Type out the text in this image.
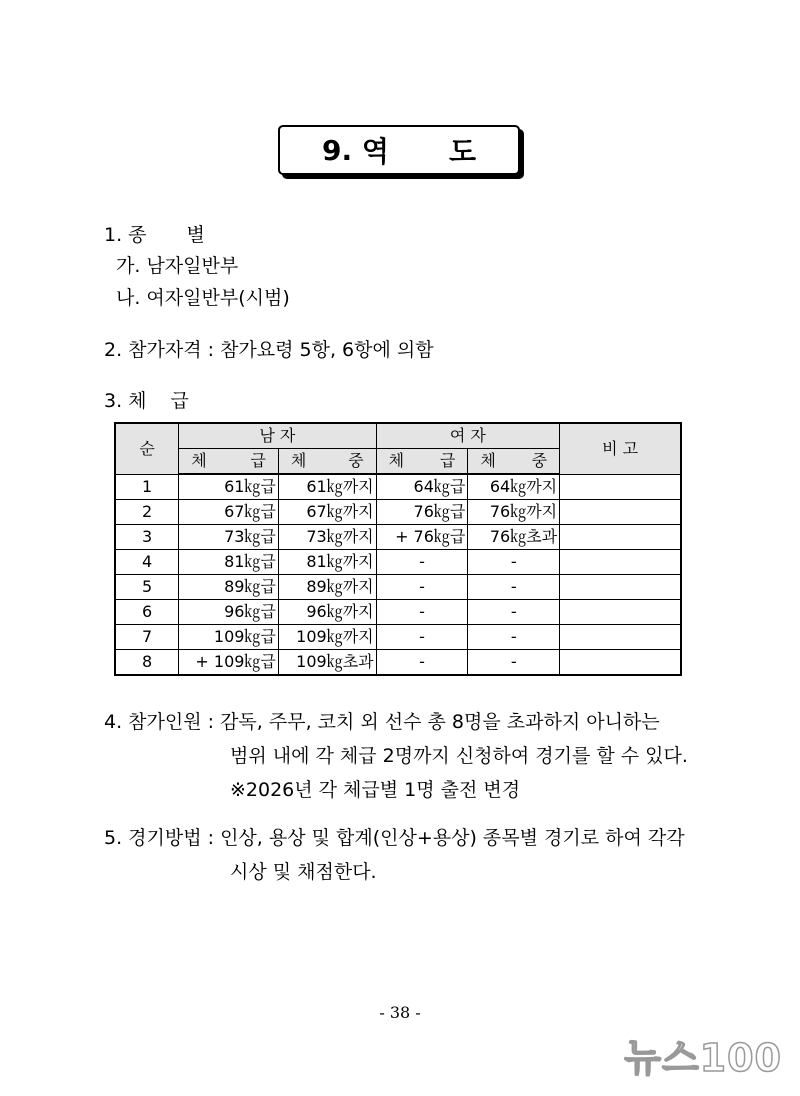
9.
역 도
1. 종 별
가. 남자일반부
나. 여자일반부(시범)
2. 참가자격 : 참가요령 5항, 6항에 의함
3. 체 급
순	남 자		여 자		비 고

	체 급	체 중	체 급	체 중	

1	61㎏급	61㎏까지	64㎏급	64㎏까지	
2	67㎏급	67㎏까지	76㎏급	76㎏까지	
3	73㎏급	73㎏까지	+ 76㎏급	76㎏초과	
4	81㎏급	81㎏까지	-	-	
5	89㎏급	89㎏까지	-	-	
6	96㎏급	96㎏까지	-	-	
7	109㎏급	109㎏까지	-	-	
8	+ 109㎏급	109㎏초과	-	-	
4. 참가인원 : 감독, 주무, 코치 외 선수 총 8명을 초과하지 아니하는
범위 내에 각 체급 2명까지 신청하여 경기를 할 수 있다.
※2026년 각 체급별 1명 출전 변경
5. 경기방법 : 인상, 용상 및 합계(인상+용상) 종목별 경기로 하여 각각
시상 및 채점한다.
- 38 -
뉴스100
